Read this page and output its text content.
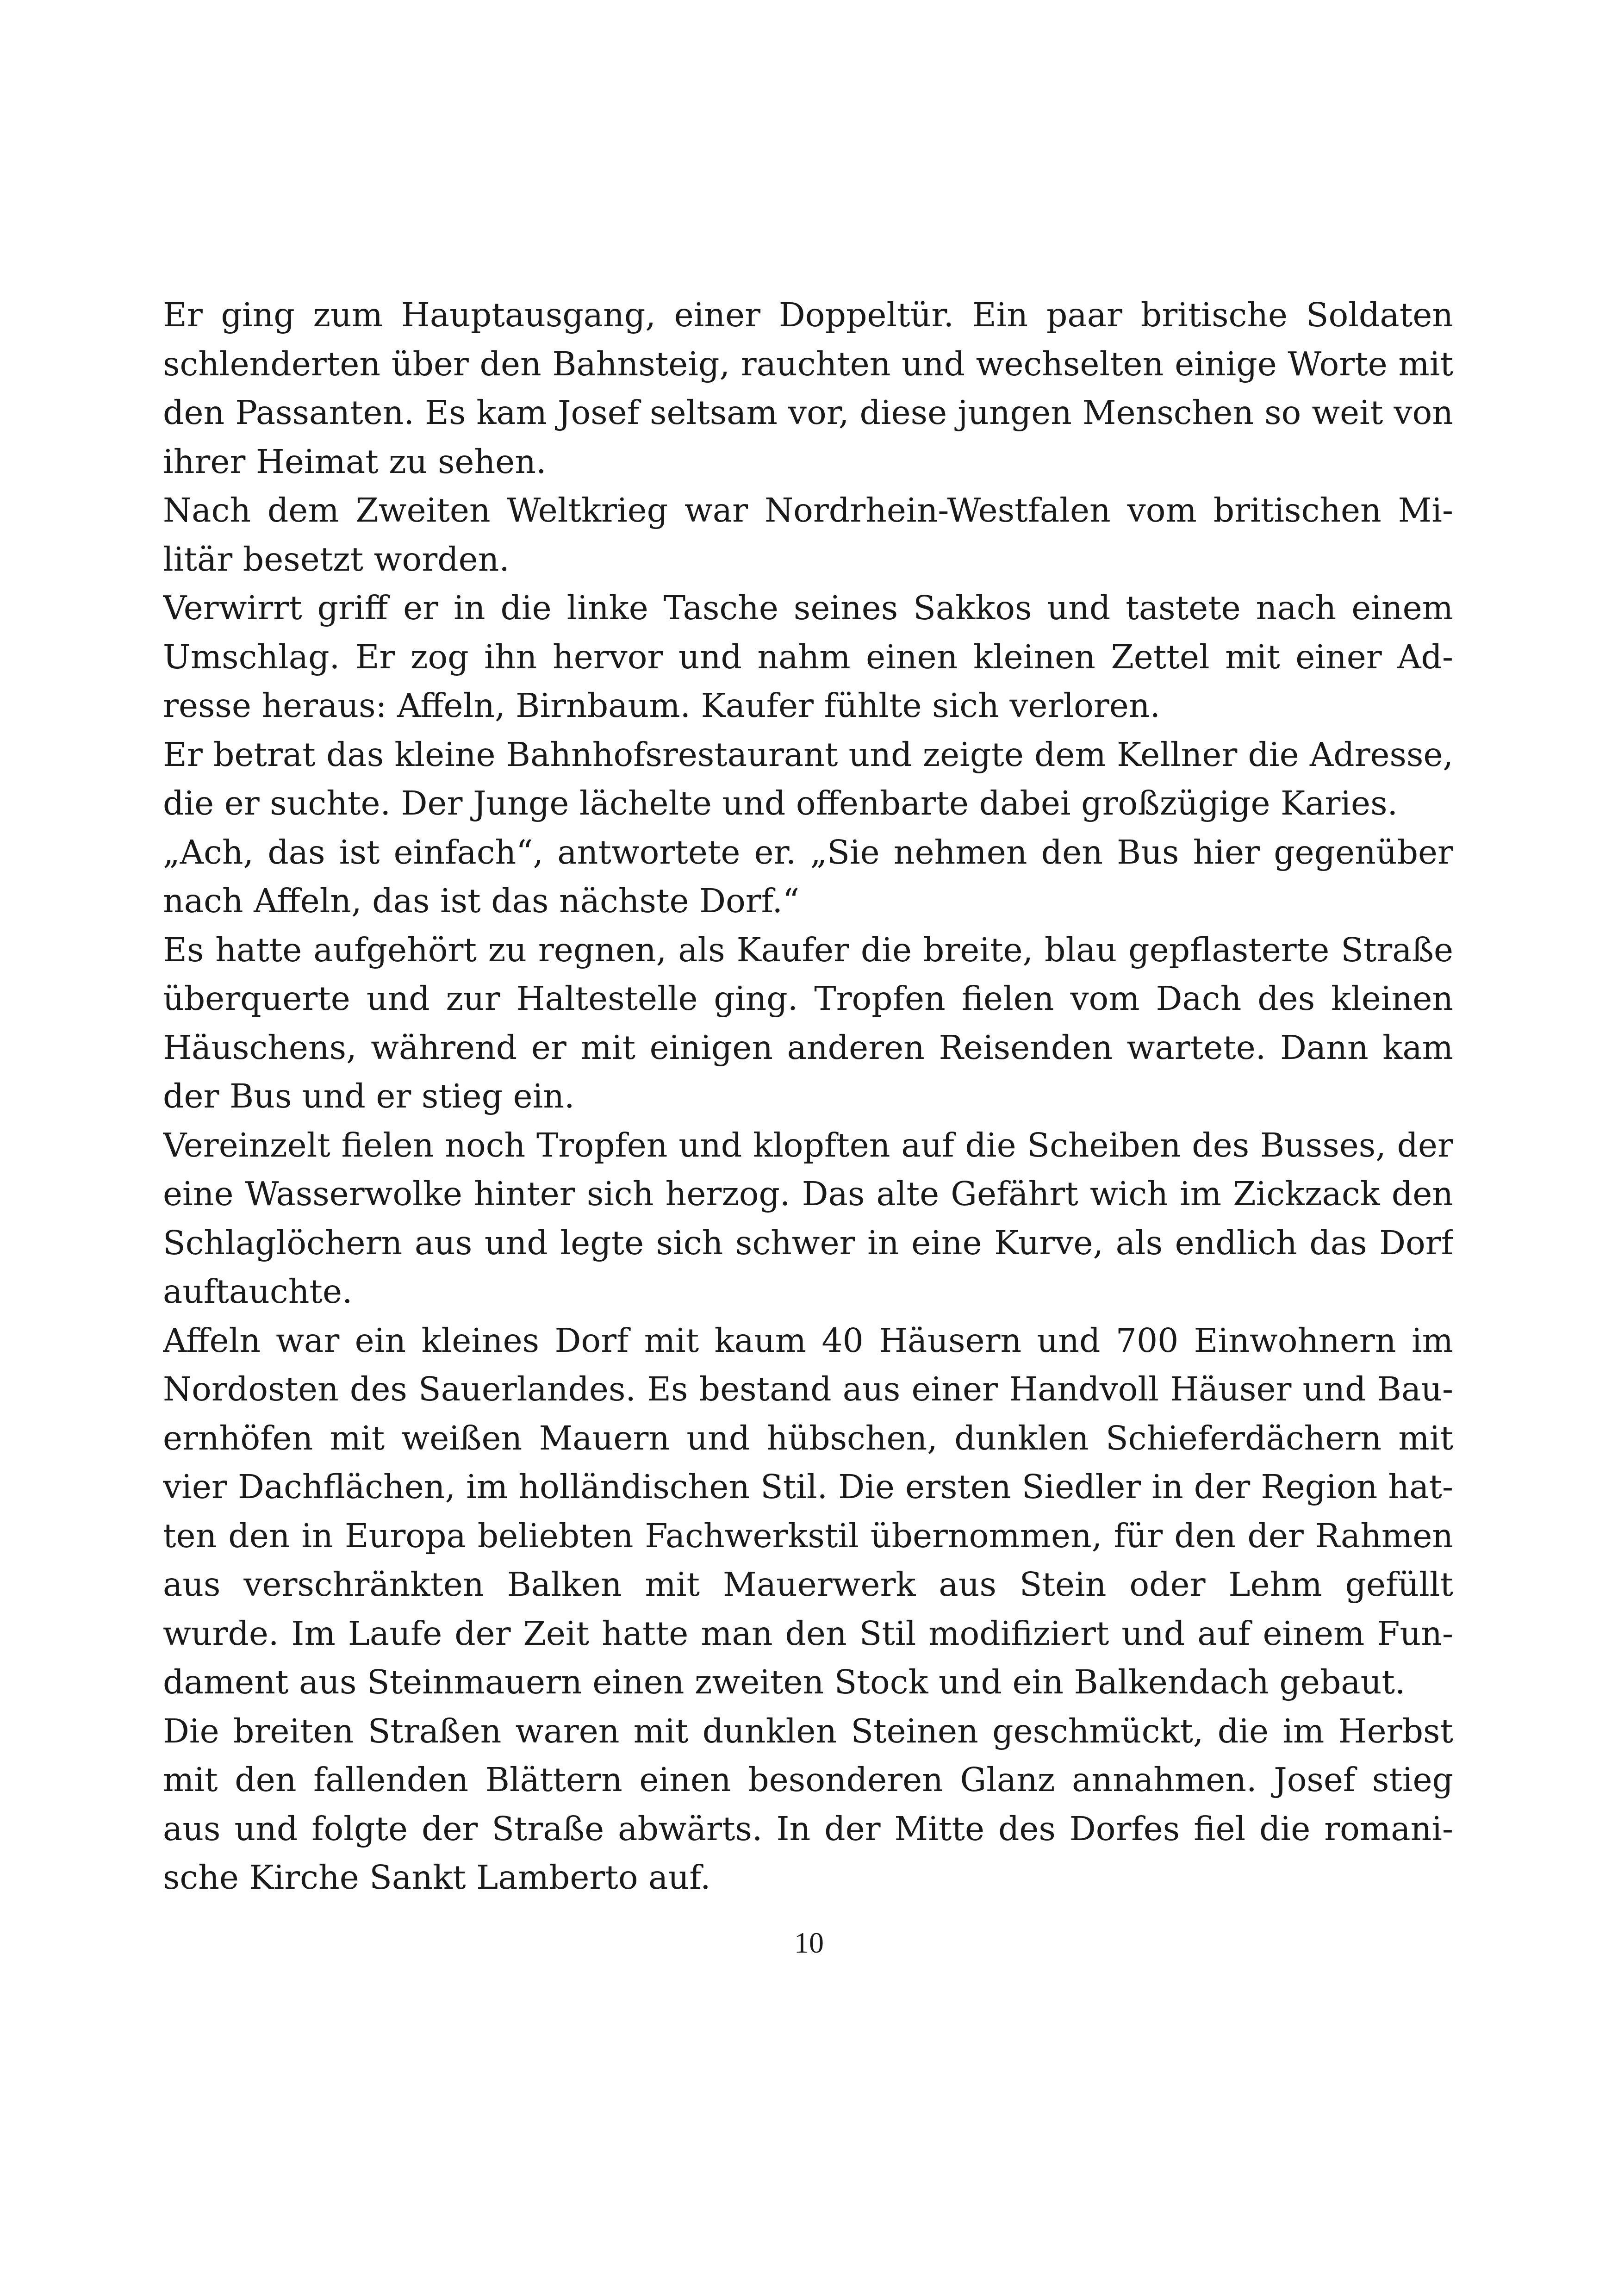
Er ging zum Hauptausgang, einer Doppeltür. Ein paar britische Soldaten
schlenderten über den Bahnsteig, rauchten und wechselten einige Worte mit
den Passanten. Es kam Josef seltsam vor, diese jungen Menschen so weit von
ihrer Heimat zu sehen.

Nach dem Zweiten Weltkrieg war Nordrhein-Westfalen vom britischen Mi-
litär besetzt worden.

Verwirrt griff er in die linke Tasche seines Sakkos und tastete nach einem
Umschlag. Er zog ihn hervor und nahm einen kleinen Zettel mit einer Ad-
resse heraus: Affeln, Birnbaum. Kaufer fühlte sich verloren.

Er betrat das kleine Bahnhofsrestaurant und zeigte dem Kellner die Adresse,
die er suchte. Der Junge lächelte und offenbarte dabei großzügige Karies.

„Ach, das ist einfach“, antwortete er. „Sie nehmen den Bus hier gegenüber
nach Affeln, das ist das nächste Dorf.“

Es hatte aufgehört zu regnen, als Kaufer die breite, blau gepflasterte Straße
überquerte und zur Haltestelle ging. Tropfen fielen vom Dach des kleinen
Häuschens, während er mit einigen anderen Reisenden wartete. Dann kam
der Bus und er stieg ein.

Vereinzelt fielen noch Tropfen und klopften auf die Scheiben des Busses, der
eine Wasserwolke hinter sich herzog. Das alte Gefährt wich im Zickzack den
Schlaglöchern aus und legte sich schwer in eine Kurve, als endlich das Dorf
auftauchte.

Affeln war ein kleines Dorf mit kaum 40 Häusern und 700 Einwohnern im
Nordosten des Sauerlandes. Es bestand aus einer Handvoll Häuser und Bau-
ernhöfen mit weißen Mauern und hübschen, dunklen Schieferdächern mit
vier Dachflächen, im holländischen Stil. Die ersten Siedler in der Region hat-
ten den in Europa beliebten Fachwerkstil übernommen, für den der Rahmen
aus verschränkten Balken mit Mauerwerk aus Stein oder Lehm gefüllt
wurde. Im Laufe der Zeit hatte man den Stil modifiziert und auf einem Fun-
dament aus Steinmauern einen zweiten Stock und ein Balkendach gebaut.

Die breiten Straßen waren mit dunklen Steinen geschmückt, die im Herbst
mit den fallenden Blättern einen besonderen Glanz annahmen. Josef stieg
aus und folgte der Straße abwärts. In der Mitte des Dorfes fiel die romani-
sche Kirche Sankt Lamberto auf.

10
